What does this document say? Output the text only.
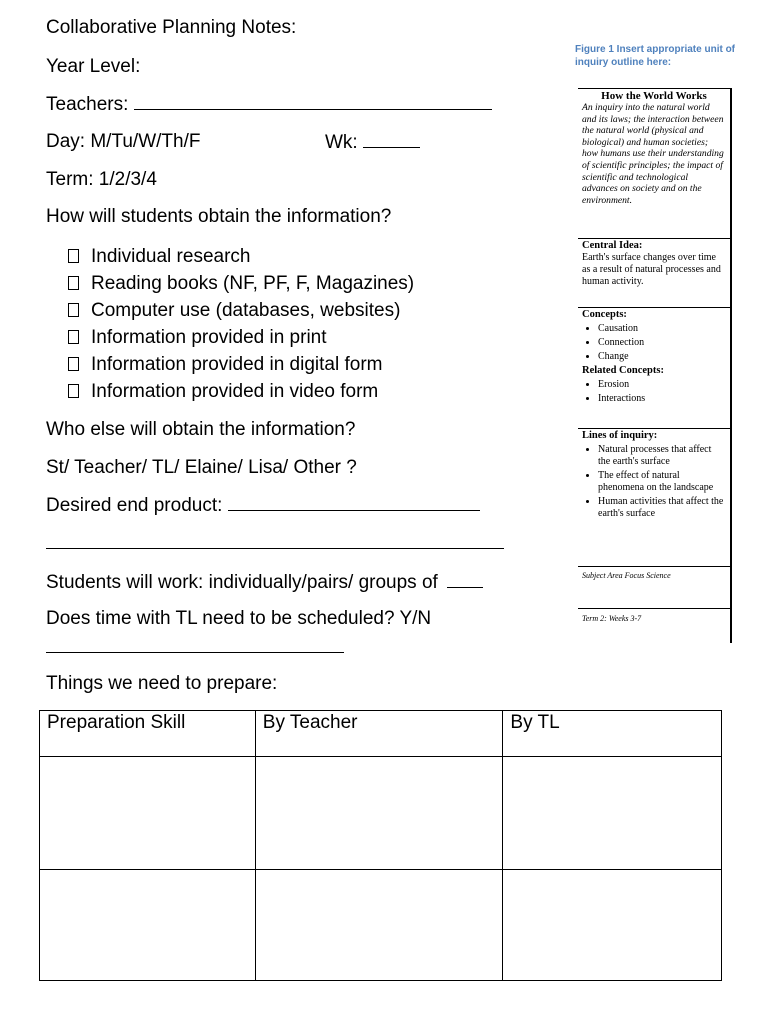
Collaborative Planning Notes:
Year Level:
Teachers:
Day: M/Tu/W/Th/F	Wk:
Term: 1/2/3/4
How will students obtain the information?
Individual research
Reading books (NF, PF, F, Magazines)
Computer use (databases, websites)
Information provided in print
Information provided in digital form
Information provided in video form
Who else will obtain the information?
St/ Teacher/ TL/ Elaine/ Lisa/ Other ?
Desired end product:
Students will work: individually/pairs/ groups of
Does time with TL need to be scheduled? Y/N
Things we need to prepare:
Figure 1 Insert appropriate unit of inquiry outline here:
How the World Works
An inquiry into the natural world and its laws; the interaction between the natural world (physical and biological) and human societies; how humans use their understanding of scientific principles; the impact of scientific and technological advances on society and on the environment.
Central Idea:
Earth's surface changes over time as a result of natural processes and human activity.
Concepts:
• Causation
• Connection
• Change
Related Concepts:
• Erosion
• Interactions
Lines of inquiry:
• Natural processes that affect the earth's surface
• The effect of natural phenomena on the landscape
• Human activities that affect the earth's surface
Subject Area Focus Science
Term 2: Weeks 3-7
Preparation Skill	By Teacher	By TL
